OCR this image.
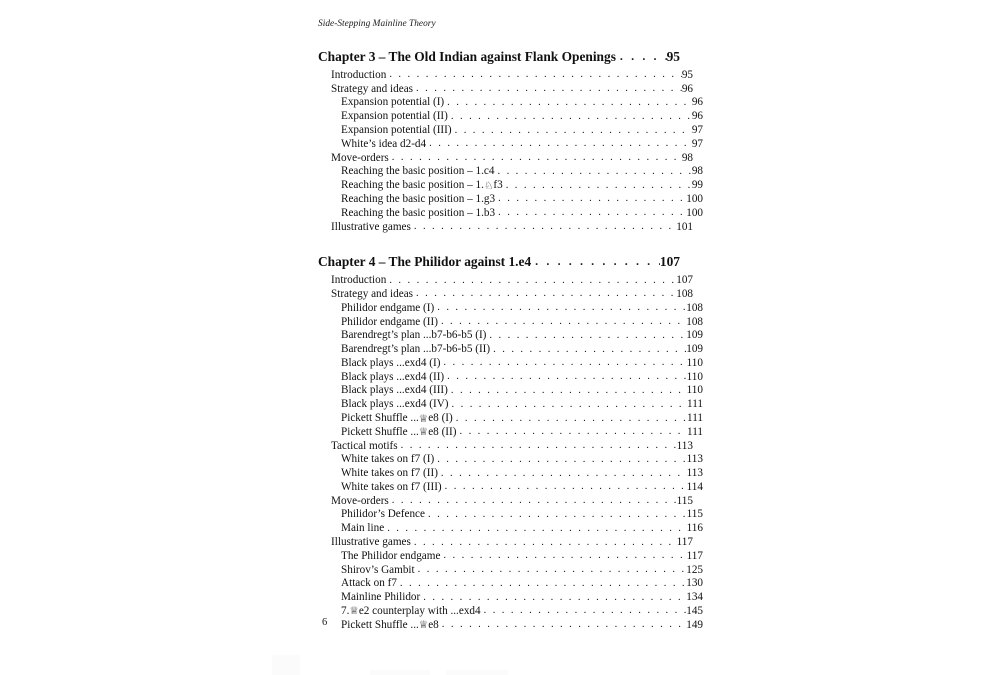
Side-Stepping Mainline Theory
Chapter 3 – The Old Indian against Flank Openings . . .	95
Introduction . . .	95
Strategy and ideas . . .	96
Expansion potential (I) . . .	96
Expansion potential (II) . . .	96
Expansion potential (III) . . .	97
White’s idea d2-d4 . . .	97
Move-orders . . .	98
Reaching the basic position – 1.c4 . . .	98
Reaching the basic position – 1.♘f3 . . .	99
Reaching the basic position – 1.g3 . . .	100
Reaching the basic position – 1.b3 . . .	100
Illustrative games . . .	101
Chapter 4 – The Philidor against 1.e4 . . .	107
Introduction . . .	107
Strategy and ideas . . .	108
Philidor endgame (I) . . .	108
Philidor endgame (II) . . .	108
Barendregt’s plan ...b7-b6-b5 (I) . . .	109
Barendregt’s plan ...b7-b6-b5 (II) . . .	109
Black plays ...exd4 (I) . . .	110
Black plays ...exd4 (II) . . .	110
Black plays ...exd4 (III) . . .	110
Black plays ...exd4 (IV) . . .	111
Pickett Shuffle ...♕e8 (I) . . .	111
Pickett Shuffle ...♕e8 (II) . . .	111
Tactical motifs . . .	113
White takes on f7 (I) . . .	113
White takes on f7 (II) . . .	113
White takes on f7 (III) . . .	114
Move-orders . . .	115
Philidor’s Defence . . .	115
Main line . . .	116
Illustrative games . . .	117
The Philidor endgame . . .	117
Shirov’s Gambit . . .	125
Attack on f7 . . .	130
Mainline Philidor . . .	134
7.♕e2 counterplay with ...exd4 . . .	145
Pickett Shuffle ...♕e8 . . .	149
6
